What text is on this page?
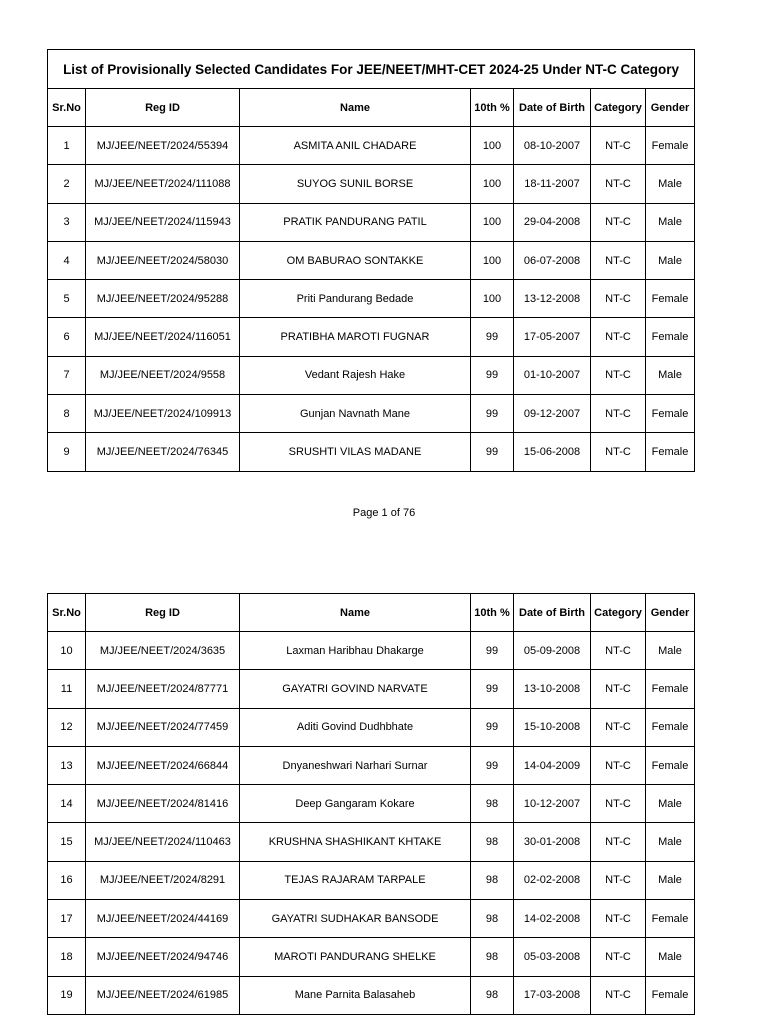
List of Provisionally Selected Candidates For JEE/NEET/MHT-CET 2024-25 Under NT-C Category						
Sr.No	Reg ID	Name	10th %	Date of Birth	Category	Gender
1	MJ/JEE/NEET/2024/55394	ASMITA ANIL CHADARE	100	08-10-2007	NT-C	Female
2	MJ/JEE/NEET/2024/111088	SUYOG SUNIL BORSE	100	18-11-2007	NT-C	Male
3	MJ/JEE/NEET/2024/115943	PRATIK PANDURANG PATIL	100	29-04-2008	NT-C	Male
4	MJ/JEE/NEET/2024/58030	OM BABURAO SONTAKKE	100	06-07-2008	NT-C	Male
5	MJ/JEE/NEET/2024/95288	Priti Pandurang Bedade	100	13-12-2008	NT-C	Female
6	MJ/JEE/NEET/2024/116051	PRATIBHA MAROTI FUGNAR	99	17-05-2007	NT-C	Female
7	MJ/JEE/NEET/2024/9558	Vedant Rajesh Hake	99	01-10-2007	NT-C	Male
8	MJ/JEE/NEET/2024/109913	Gunjan Navnath Mane	99	09-12-2007	NT-C	Female
9	MJ/JEE/NEET/2024/76345	SRUSHTI VILAS MADANE	99	15-06-2008	NT-C	Female
Page 1 of 76
Sr.No	Reg ID	Name	10th %	Date of Birth	Category	Gender
10	MJ/JEE/NEET/2024/3635	Laxman Haribhau Dhakarge	99	05-09-2008	NT-C	Male
11	MJ/JEE/NEET/2024/87771	GAYATRI GOVIND NARVATE	99	13-10-2008	NT-C	Female
12	MJ/JEE/NEET/2024/77459	Aditi Govind Dudhbhate	99	15-10-2008	NT-C	Female
13	MJ/JEE/NEET/2024/66844	Dnyaneshwari Narhari Surnar	99	14-04-2009	NT-C	Female
14	MJ/JEE/NEET/2024/81416	Deep Gangaram Kokare	98	10-12-2007	NT-C	Male
15	MJ/JEE/NEET/2024/110463	KRUSHNA SHASHIKANT KHTAKE	98	30-01-2008	NT-C	Male
16	MJ/JEE/NEET/2024/8291	TEJAS RAJARAM TARPALE	98	02-02-2008	NT-C	Male
17	MJ/JEE/NEET/2024/44169	GAYATRI SUDHAKAR BANSODE	98	14-02-2008	NT-C	Female
18	MJ/JEE/NEET/2024/94746	MAROTI PANDURANG SHELKE	98	05-03-2008	NT-C	Male
19	MJ/JEE/NEET/2024/61985	Mane Parnita Balasaheb	98	17-03-2008	NT-C	Female
